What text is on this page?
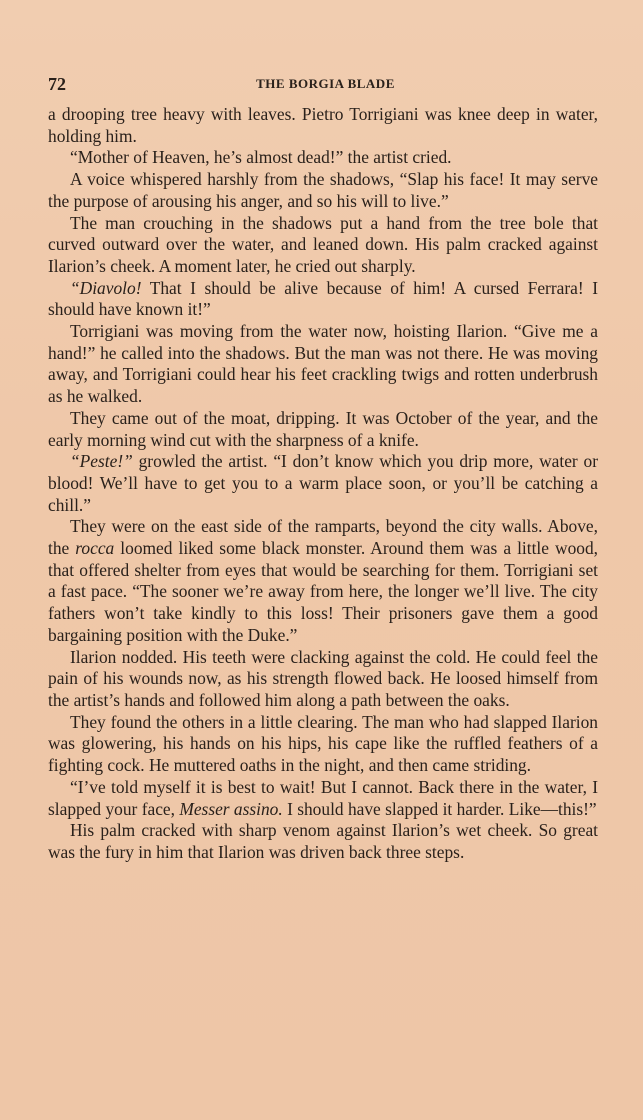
72	THE BORGIA BLADE

a drooping tree heavy with leaves. Pietro Torrigiani was knee deep in water, holding him.

“Mother of Heaven, he’s almost dead!” the artist cried.

A voice whispered harshly from the shadows, “Slap his face! It may serve the purpose of arousing his anger, and so his will to live.”

The man crouching in the shadows put a hand from the tree bole that curved outward over the water, and leaned down. His palm cracked against Ilarion’s cheek. A moment later, he cried out sharply.

“Diavolo! That I should be alive because of him! A cursed Ferrara! I should have known it!”

Torrigiani was moving from the water now, hoisting Ilarion. “Give me a hand!” he called into the shadows. But the man was not there. He was moving away, and Torrigiani could hear his feet crackling twigs and rotten underbrush as he walked.

They came out of the moat, dripping. It was October of the year, and the early morning wind cut with the sharpness of a knife.

“Peste!” growled the artist. “I don’t know which you drip more, water or blood! We’ll have to get you to a warm place soon, or you’ll be catching a chill.”

They were on the east side of the ramparts, beyond the city walls. Above, the rocca loomed liked some black monster. Around them was a little wood, that offered shelter from eyes that would be searching for them. Torrigiani set a fast pace. “The sooner we’re away from here, the longer we’ll live. The city fathers won’t take kindly to this loss! Their prisoners gave them a good bargaining position with the Duke.”

Ilarion nodded. His teeth were clacking against the cold. He could feel the pain of his wounds now, as his strength flowed back. He loosed himself from the artist’s hands and followed him along a path between the oaks.

They found the others in a little clearing. The man who had slapped Ilarion was glowering, his hands on his hips, his cape like the ruffled feathers of a fighting cock. He muttered oaths in the night, and then came striding.

“I’ve told myself it is best to wait! But I cannot. Back there in the water, I slapped your face, Messer assino. I should have slapped it harder. Like—this!”

His palm cracked with sharp venom against Ilarion’s wet cheek. So great was the fury in him that Ilarion was driven back three steps.
